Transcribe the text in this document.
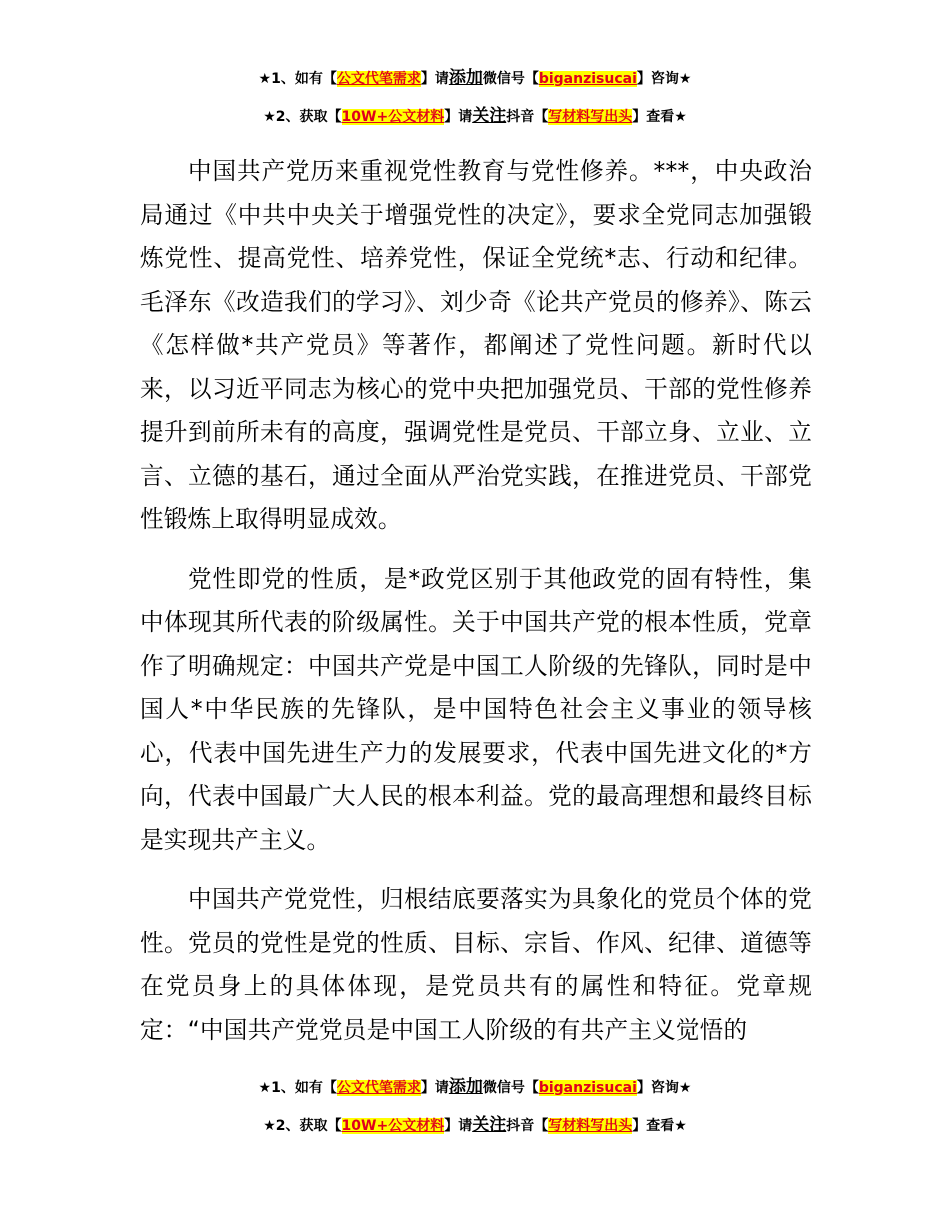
★1、如有【公文代笔需求】请添加微信号【biganzisucai】咨询★
★2、获取【10W+公文材料】请关注抖音【写材料写出头】查看★

中国共产党历来重视党性教育与党性修养。***，中央政治局通过《中共中央关于增强党性的决定》，要求全党同志加强锻炼党性、提高党性、培养党性，保证全党统*志、行动和纪律。毛泽东《改造我们的学习》、刘少奇《论共产党员的修养》、陈云《怎样做*共产党员》等著作，都阐述了党性问题。新时代以来，以习近平同志为核心的党中央把加强党员、干部的党性修养提升到前所未有的高度，强调党性是党员、干部立身、立业、立言、立德的基石，通过全面从严治党实践，在推进党员、干部党性锻炼上取得明显成效。

党性即党的性质，是*政党区别于其他政党的固有特性，集中体现其所代表的阶级属性。关于中国共产党的根本性质，党章作了明确规定：中国共产党是中国工人阶级的先锋队，同时是中国人*中华民族的先锋队，是中国特色社会主义事业的领导核心，代表中国先进生产力的发展要求，代表中国先进文化的*方向，代表中国最广大人民的根本利益。党的最高理想和最终目标是实现共产主义。

中国共产党党性，归根结底要落实为具象化的党员个体的党性。党员的党性是党的性质、目标、宗旨、作风、纪律、道德等在党员身上的具体体现，是党员共有的属性和特征。党章规定：“中国共产党党员是中国工人阶级的有共产主义觉悟的

★1、如有【公文代笔需求】请添加微信号【biganzisucai】咨询★
★2、获取【10W+公文材料】请关注抖音【写材料写出头】查看★
